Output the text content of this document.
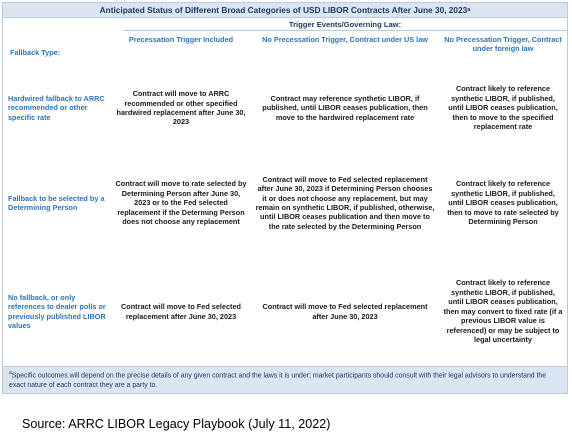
Anticipated Status of Different Broad Categories of USD LIBOR Contracts After June 30, 2023 a
Trigger Events/Governing Law:
Fallback Type:	Precessation Trigger Included	No Precessation Trigger, Contract under US law	No Precessation Trigger, Contract under foreign law
Hardwired fallback to ARRC recommended or other specific rate	Contract will move to ARRC recommended or other specified hardwired replacement after June 30, 2023	Contract may reference synthetic LIBOR, if published, until LIBOR ceases publication, then move to the hardwired replacement rate	Contract likely to reference synthetic LIBOR, if published, until LIBOR ceases publication, then to move to the specified replacement rate
Fallback to be selected by a Determining Person	Contract will move to rate selected by Determining Person after June 30, 2023 or to the Fed selected replacement if the Determing Person does not choose any replacement	Contract will move to Fed selected replacement after June 30, 2023 if Determining Person chooses it or does not choose any replacement, but may remain on synthetic LIBOR, if published, otherwise, until LIBOR ceases publication and then move to the rate selected by the Determining Person	Contract likely to reference synthetic LIBOR, if published, until LIBOR ceases publication, then to move to rate selected by Determining Person
No fallback, or only references to dealer polls or previously published LIBOR values	Contract will move to Fed selected replacement after June 30, 2023	Contract will move to Fed selected replacement after June 30, 2023	Contract likely to reference synthetic LIBOR, if published, until LIBOR ceases publication, then may convert to fixed rate (if a previous LIBOR value is referenced) or may be subject to legal uncertainty
$^a$Specific outcomes will depend on the precise details of any given contract and the laws it is under; market participants should consult with their legal advisors to understand the exact nature of each contract they are a party to.
Source: ARRC LIBOR Legacy Playbook (July 11, 2022)
